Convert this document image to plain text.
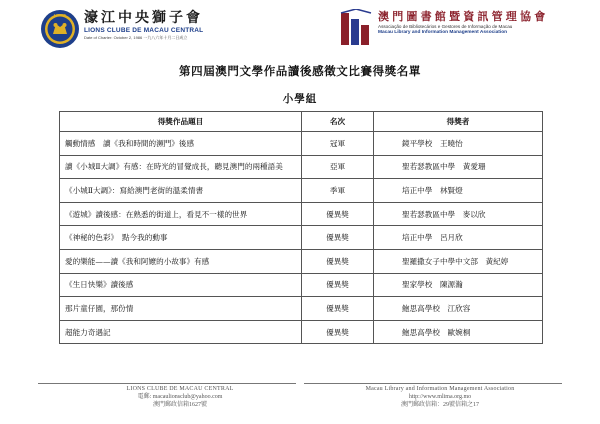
LIONS 濠江中央獅子會
LIONS CLUBE DE MACAU CENTRAL
Date of Charter: October 2, 1986 一九八六年十月二日成立
澳門圖書館暨資訊管理協會
Associação de Bibliotecários e Gestores de Informação de Macau
Macau Library and Information Management Association
第四屆澳門文學作品讀後感徵文比賽得獎名單
小學組
得獎作品題目	名次	得獎者
觸動情感　讀《我和時間的瀕門》後感	冠軍	鏡平學校　王曉怡
讀《小城Ⅱ大調》有感：在時光的冒覺成長，聽見澳門的兩種語美	亞軍	聖若瑟教區中學　黃愛珊
《小城Ⅱ大調》：寫給澳門老街的溫柔情書	季軍	培正中學　林賢燈
《遊城》讀後感：在熟悉的街道上，看見不一樣的世界	優異獎	聖若瑟教區中學　麥以欣
《神秘的色彩》　點今我的動事	優異獎	培正中學　呂月欣
愛的樂能——讀《我和阿嬤的小故事》有感	優異獎	聖羅撒女子中學中文部　黃紀婷
《生日快樂》讀後感	優異獎	聖家學校　陳源瀚
那片童仔園，那份情	優異獎	鮑思高學校　江欣容
超能力奇遇記	優異獎	鮑思高學校　歐婉桐
LIONS CLUBE DE MACAU CENTRAL
電郵: macaulionsclub@yahoo.com
澳門郵政信箱1627號
Macau Library and Information Management Association
http://www.mlima.org.mo
澳門郵政信箱：29號信箱之17
